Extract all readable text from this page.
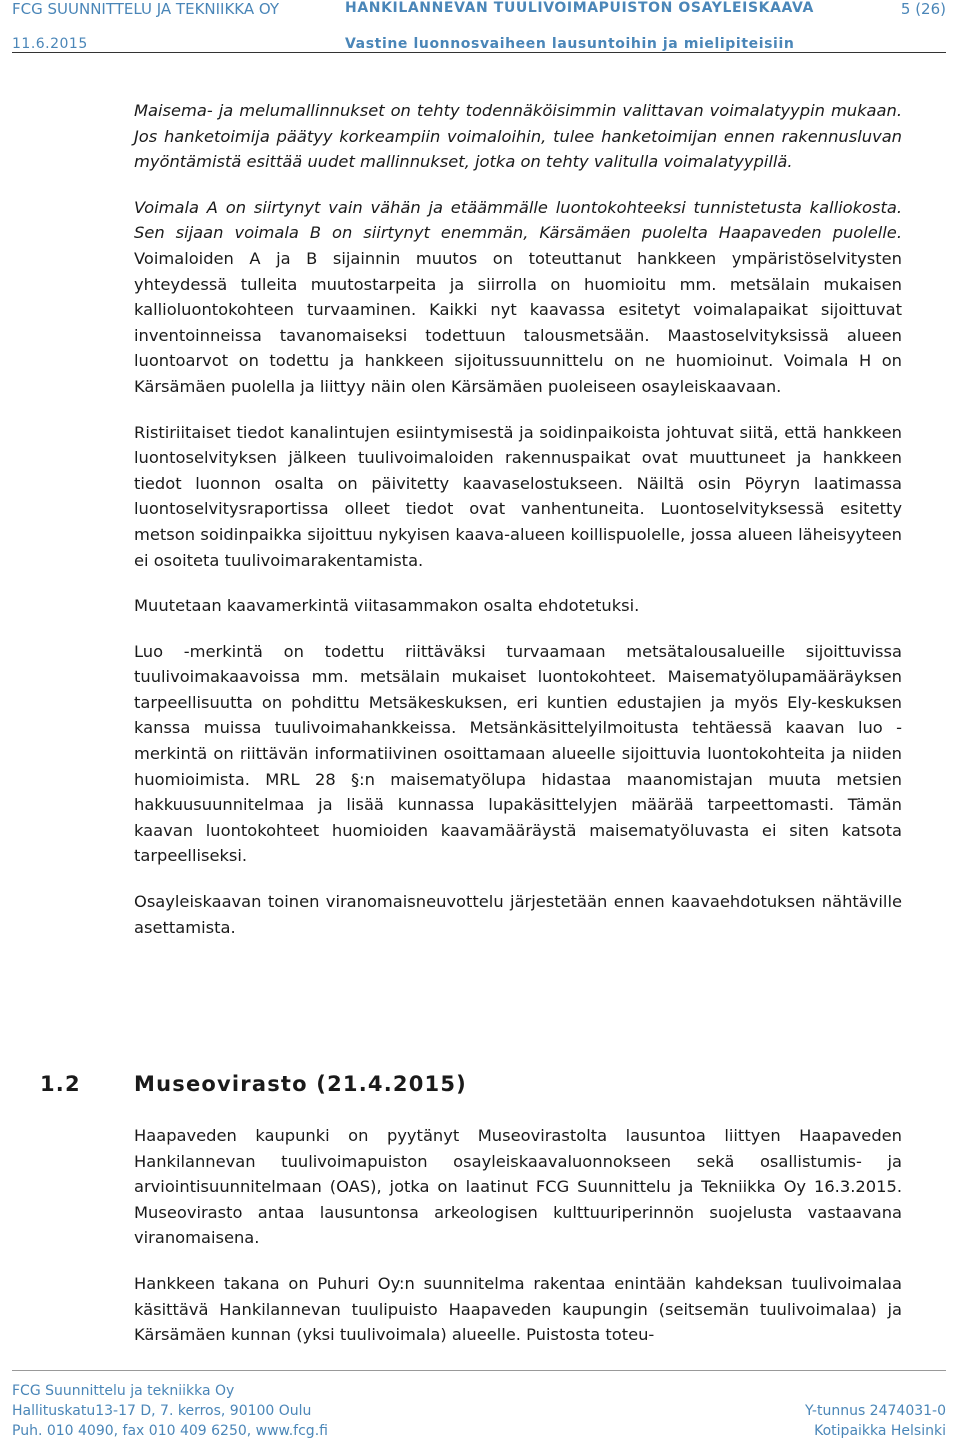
FCG SUUNNITTELU JA TEKNIIKKA OY
11.6.2015
HANKILANNEVAN TUULIVOIMAPUISTON OSAYLEISKAAVA
Vastine luonnosvaiheen lausuntoihin ja mielipiteisiin
5 (26)

Maisema- ja melumallinnukset on tehty todennäköisimmin valittavan voimalatyypin mukaan. Jos hanketoimija päätyy korkeampiin voimaloihin, tulee hanketoimijan ennen rakennusluvan myöntämistä esittää uudet mallinnukset, jotka on tehty valitulla voimalatyypillä.

Voimala A on siirtynyt vain vähän ja etäämmälle luontokohteeksi tunnistetusta kalliokosta. Sen sijaan voimala B on siirtynyt enemmän, Kärsämäen puolelta Haapaveden puolelle. Voimaloiden A ja B sijainnin muutos on toteuttanut hankkeen ympäristöselvitysten yhteydessä tulleita muutostarpeita ja siirrolla on huomioitu mm. metsälain mukaisen kallioluontokohteen turvaaminen. Kaikki nyt kaavassa esitetyt voimalapaikat sijoittuvat inventoinneissa tavanomaiseksi todettuun talousmetsään. Maastoselvityksissä alueen luontoarvot on todettu ja hankkeen sijoitussuunnittelu on ne huomioinut. Voimala H on Kärsämäen puolella ja liittyy näin olen Kärsämäen puoleiseen osayleiskaavaan.

Ristiriitaiset tiedot kanalintujen esiintymisestä ja soidinpaikoista johtuvat siitä, että hankkeen luontoselvityksen jälkeen tuulivoimaloiden rakennuspaikat ovat muuttuneet ja hankkeen tiedot luonnon osalta on päivitetty kaavaselostukseen. Näiltä osin Pöyryn laatimassa luontoselvitysraportissa olleet tiedot ovat vanhentuneita. Luontoselvityksessä esitetty metson soidinpaikka sijoittuu nykyisen kaava-alueen koillispuolelle, jossa alueen läheisyyteen ei osoiteta tuulivoimarakentamista.

Muutetaan kaavamerkintä viitasammakon osalta ehdotetuksi.

Luo -merkintä on todettu riittäväksi turvaamaan metsätalousalueille sijoittuvissa tuulivoimakaavoissa mm. metsälain mukaiset luontokohteet. Maisematyölupamääräyksen tarpeellisuutta on pohdittu Metsäkeskuksen, eri kuntien edustajien ja myös Ely-keskuksen kanssa muissa tuulivoimahankkeissa. Metsänkäsittelyilmoitusta tehtäessä kaavan luo -merkintä on riittävän informatiivinen osoittamaan alueelle sijoittuvia luontokohteita ja niiden huomioimista. MRL 28 §:n maisematyölupa hidastaa maanomistajan muuta metsien hakkuusuunnitelmaa ja lisää kunnassa lupakäsittelyjen määrää tarpeettomasti. Tämän kaavan luontokohteet huomioiden kaavamääräystä maisematyöluvasta ei siten katsota tarpeelliseksi.

Osayleiskaavan toinen viranomaisneuvottelu järjestetään ennen kaavaehdotuksen nähtäville asettamista.

1.2	Museovirasto (21.4.2015)

Haapaveden kaupunki on pyytänyt Museovirastolta lausuntoa liittyen Haapaveden Hankilannevan tuulivoimapuiston osayleiskaavaluonnokseen sekä osallistumis- ja arviointisuunnitelmaan (OAS), jotka on laatinut FCG Suunnittelu ja Tekniikka Oy 16.3.2015. Museovirasto antaa lausuntonsa arkeologisen kulttuuriperinnön suojelusta vastaavana viranomaisena.

Hankkeen takana on Puhuri Oy:n suunnitelma rakentaa enintään kahdeksan tuulivoimalaa käsittävä Hankilannevan tuulipuisto Haapaveden kaupungin (seitsemän tuulivoimalaa) ja Kärsämäen kunnan (yksi tuulivoimala) alueelle. Puistosta toteu-

FCG Suunnittelu ja tekniikka Oy
Hallituskatu13-17 D, 7. kerros, 90100 Oulu
Puh. 010 4090, fax 010 409 6250, www.fcg.fi
Y-tunnus 2474031-0
Kotipaikka Helsinki
